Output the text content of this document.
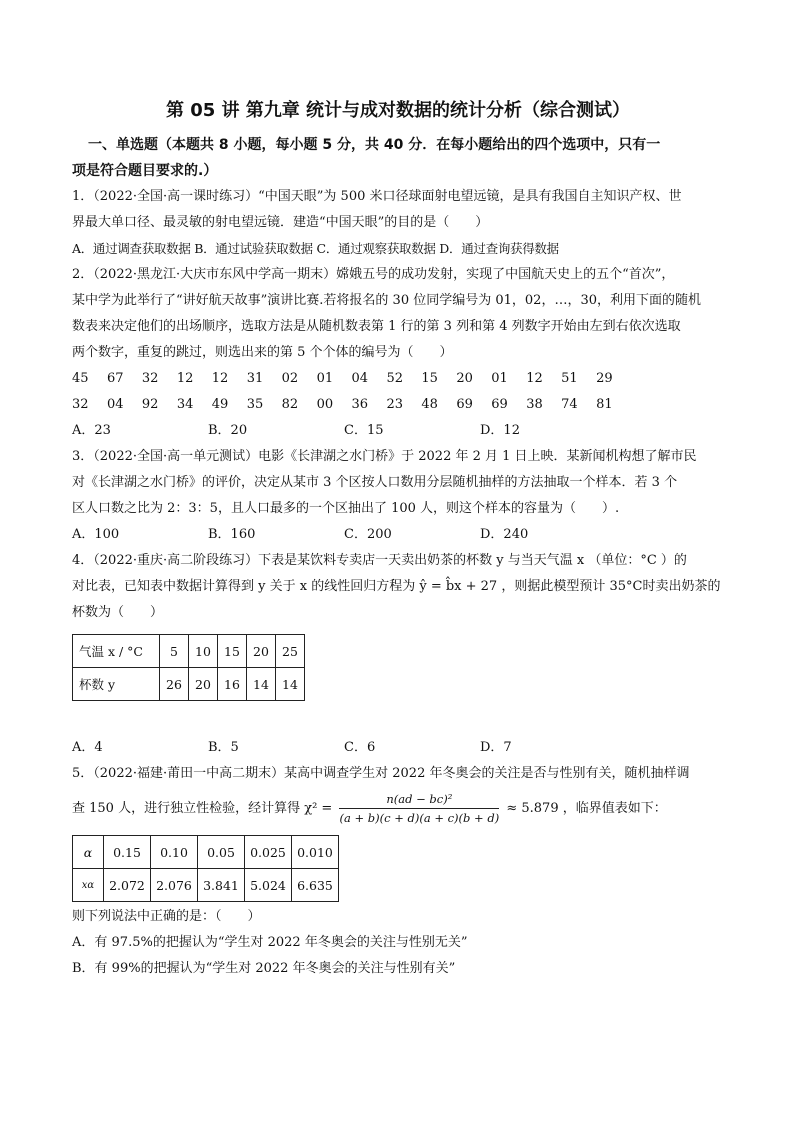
第 05 讲 第九章 统计与成对数据的统计分析（综合测试）
一、单选题（本题共 8 小题，每小题 5 分，共 40 分．在每小题给出的四个选项中，只有一
项是符合题目要求的.）

1．（2022·全国·高一课时练习）“中国天眼”为 500 米口径球面射电望远镜，是具有我国自主知识产权、世

界最大单口径、最灵敏的射电望远镜．建造“中国天眼”的目的是（　　）

A．通过调查获取数据 B．通过试验获取数据 C．通过观察获取数据 D．通过查询获得数据

2．（2022·黑龙江·大庆市东风中学高一期末）嫦娥五号的成功发射，实现了中国航天史上的五个“首次”，

某中学为此举行了“讲好航天故事”演讲比赛.若将报名的 30 位同学编号为 01，02，…，30，利用下面的随机

数表来决定他们的出场顺序，选取方法是从随机数表第 1 行的第 3 列和第 4 列数字开始由左到右依次选取

两个数字，重复的跳过，则选出来的第 5 个个体的编号为（　　）

45   67   32   12   12   31   02   01   04   52   15   20   01   12   51   29

32   04   92   34   49   35   82   00   36   23   48   69   69   38   74   81

A．23	B．20	C．15	D．12

3．（2022·全国·高一单元测试）电影《长津湖之水门桥》于 2022 年 2 月 1 日上映．某新闻机构想了解市民

对《长津湖之水门桥》的评价，决定从某市 3 个区按人口数用分层随机抽样的方法抽取一个样本．若 3 个

区人口数之比为 2：3：5，且人口最多的一个区抽出了 100 人，则这个样本的容量为（　　）.

A．100	B．160	C．200	D．240

4．（2022·重庆·高二阶段练习）下表是某饮料专卖店一天卖出奶茶的杯数 y 与当天气温 x （单位：°C ）的

对比表，已知表中数据计算得到 y 关于 x 的线性回归方程为 ŷ = b̂x + 27 ，则据此模型预计 35°C时卖出奶茶的

杯数为（　　）

气温 x / °C	5	10	15	20	25
杯数 y	26	20	16	14	14
A．4	B．5	C．6	D．7

5．（2022·福建·莆田一中高二期末）某高中调查学生对 2022 年冬奥会的关注是否与性别有关，随机抽样调

查 150 人，进行独立性检验，经计算得 $\chi^2 = \frac{\text{n(ad − bc)²}}{(a + b)(c + d)(a + c)(b + d)} \approx 5.879$ ，临界值表如下：

α	0.15	0.10	0.05	0.025	0.010
xα	2.072	2.076	3.841	5.024	6.635

则下列说法中正确的是：（　　）

A．有 97.5%的把握认为“学生对 2022 年冬奥会的关注与性别无关”

B．有 99%的把握认为“学生对 2022 年冬奥会的关注与性别有关”
